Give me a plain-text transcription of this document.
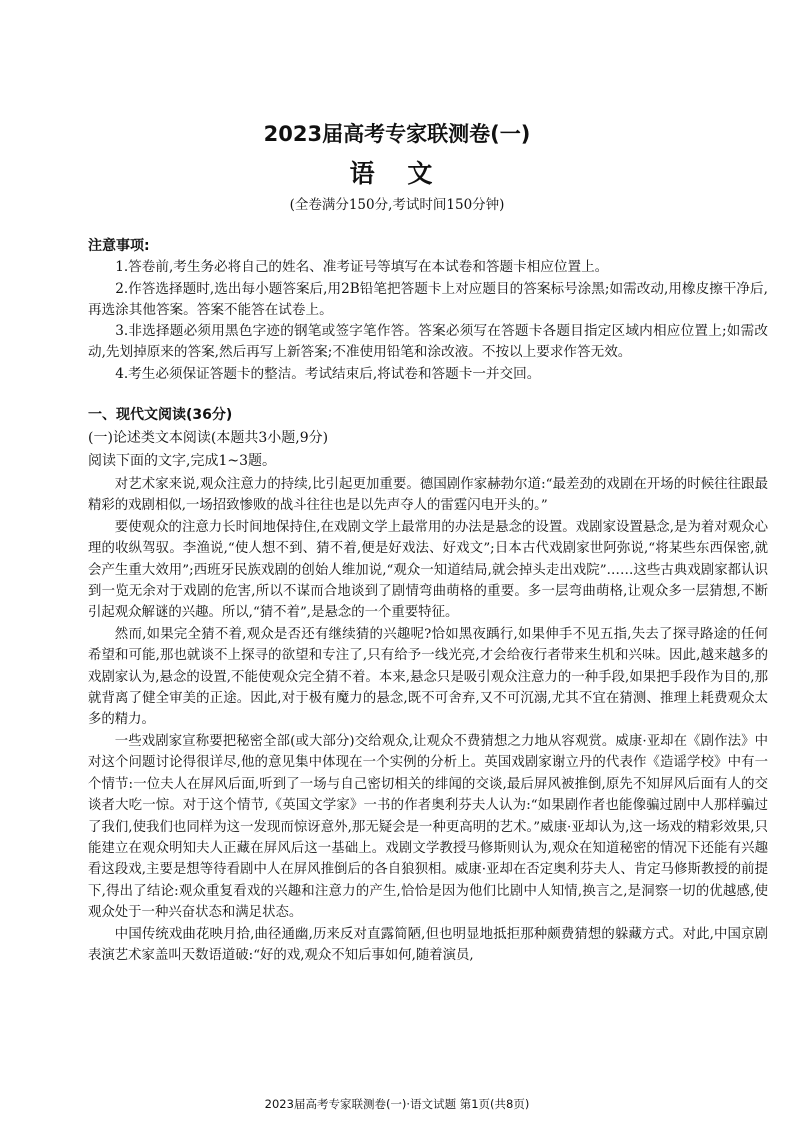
2023届高考专家联测卷(一)
语 文
(全卷满分150分,考试时间150分钟)
注意事项:

1.答卷前,考生务必将自己的姓名、准考证号等填写在本试卷和答题卡相应位置上。

2.作答选择题时,选出每小题答案后,用2B铅笔把答题卡上对应题目的答案标号涂黑;如需改动,用橡皮擦干净后,再选涂其他答案。答案不能答在试卷上。

3.非选择题必须用黑色字迹的钢笔或签字笔作答。答案必须写在答题卡各题目指定区域内相应位置上;如需改动,先划掉原来的答案,然后再写上新答案;不准使用铅笔和涂改液。不按以上要求作答无效。

4.考生必须保证答题卡的整洁。考试结束后,将试卷和答题卡一并交回。

一、现代文阅读(36分)
(一)论述类文本阅读(本题共3小题,9分)
阅读下面的文字,完成1~3题。

对艺术家来说,观众注意力的持续,比引起更加重要。德国剧作家赫勃尔道:“最差劲的戏剧在开场的时候往往跟最精彩的戏剧相似,一场招致惨败的战斗往往也是以先声夺人的雷霆闪电开头的。”

要使观众的注意力长时间地保持住,在戏剧文学上最常用的办法是悬念的设置。戏剧家设置悬念,是为着对观众心理的收纵驾驭。李渔说,“使人想不到、猜不着,便是好戏法、好戏文”;日本古代戏剧家世阿弥说,“将某些东西保密,就会产生重大效用”;西班牙民族戏剧的创始人维加说,“观众一知道结局,就会掉头走出戏院”……这些古典戏剧家都认识到一览无余对于戏剧的危害,所以不谋而合地谈到了剧情弯曲萌格的重要。多一层弯曲萌格,让观众多一层猜想,不断引起观众解谜的兴趣。所以,“猜不着”,是悬念的一个重要特征。

然而,如果完全猜不着,观众是否还有继续猜的兴趣呢?恰如黑夜踽行,如果伸手不见五指,失去了探寻路途的任何希望和可能,那也就谈不上探寻的欲望和专注了,只有给予一线光亮,才会给夜行者带来生机和兴味。因此,越来越多的戏剧家认为,悬念的设置,不能使观众完全猜不着。本来,悬念只是吸引观众注意力的一种手段,如果把手段作为目的,那就背离了健全审美的正途。因此,对于极有魔力的悬念,既不可舍弃,又不可沉溺,尤其不宜在猜测、推理上耗费观众太多的精力。

一些戏剧家宣称要把秘密全部(或大部分)交给观众,让观众不费猜想之力地从容观赏。威康·亚却在《剧作法》中对这个问题讨论得很详尽,他的意见集中体现在一个实例的分析上。英国戏剧家谢立丹的代表作《造谣学校》中有一个情节:一位夫人在屏风后面,听到了一场与自己密切相关的绯闻的交谈,最后屏风被推倒,原先不知屏风后面有人的交谈者大吃一惊。对于这个情节,《英国文学家》一书的作者奥利芬夫人认为:“如果剧作者也能像骗过剧中人那样骗过了我们,使我们也同样为这一发现而惊讶意外,那无疑会是一种更高明的艺术。”威康·亚却认为,这一场戏的精彩效果,只能建立在观众明知夫人正藏在屏风后这一基础上。戏剧文学教授马修斯则认为,观众在知道秘密的情况下还能有兴趣看这段戏,主要是想等待看剧中人在屏风推倒后的各自狼狈相。威康·亚却在否定奥利芬夫人、肯定马修斯教授的前提下,得出了结论:观众重复看戏的兴趣和注意力的产生,恰恰是因为他们比剧中人知情,换言之,是洞察一切的优越感,使观众处于一种兴奋状态和满足状态。

中国传统戏曲花映月拾,曲径通幽,历来反对直露简陋,但也明显地抵拒那种颇费猜想的躲藏方式。对此,中国京剧表演艺术家盖叫天数语道破:“好的戏,观众不知后事如何,随着演员,

2023届高考专家联测卷(一)·语文试题 第1页(共8页)
